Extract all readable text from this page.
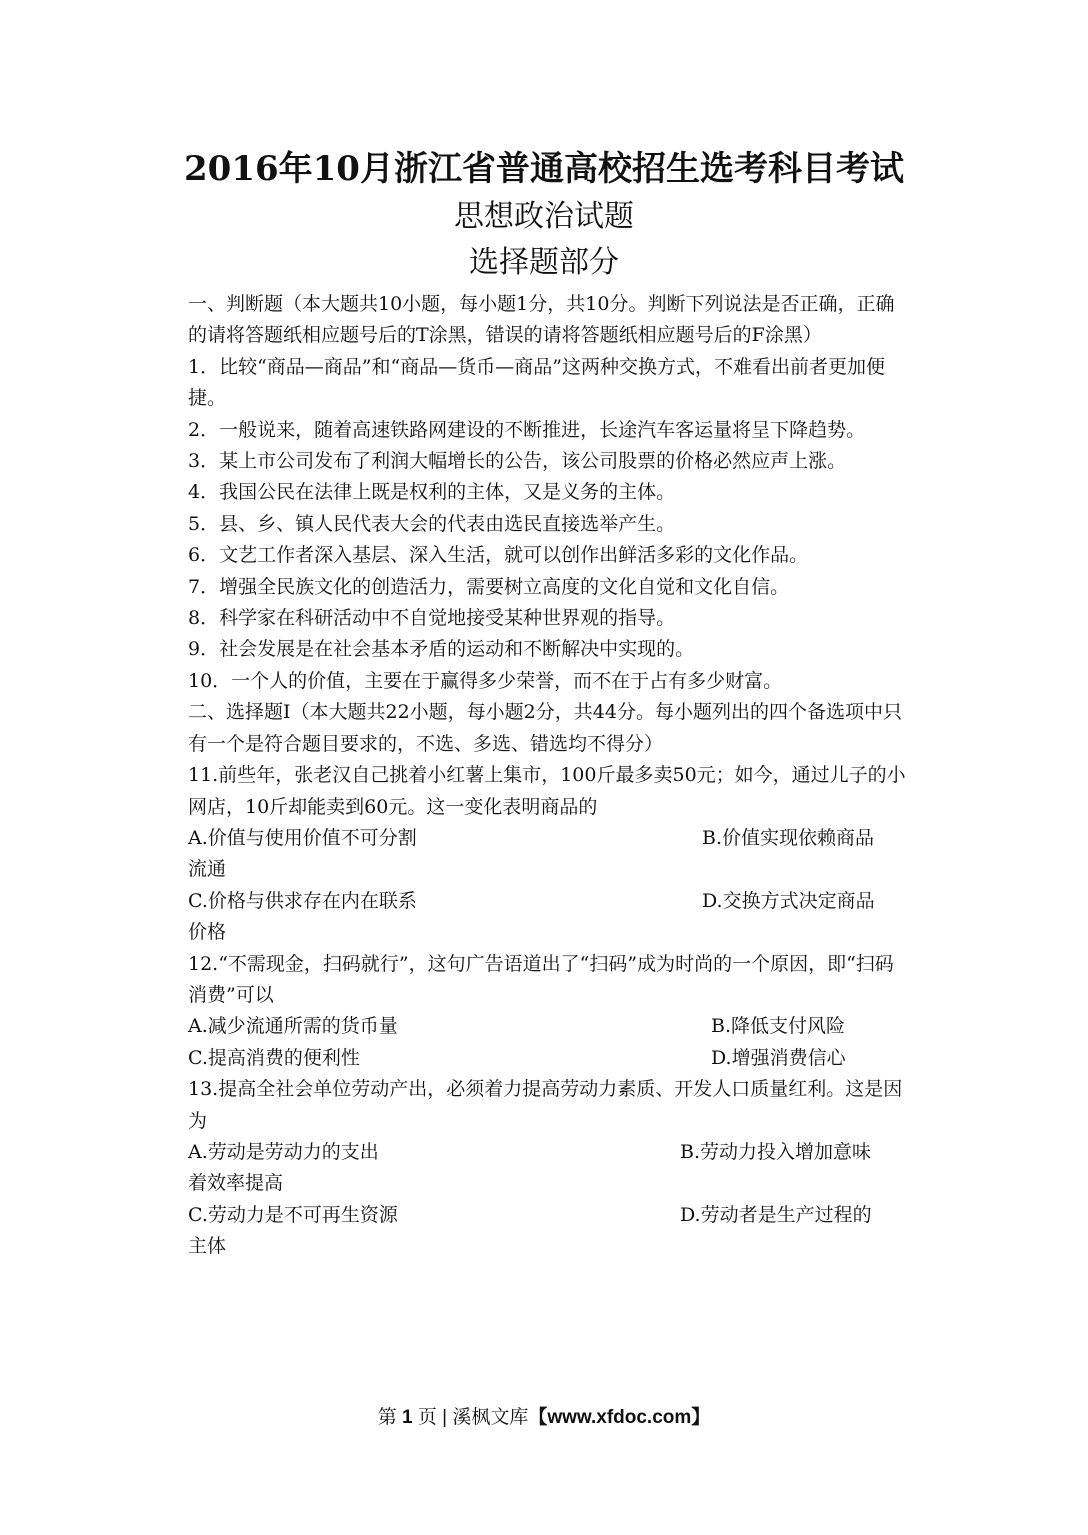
2016年10月浙江省普通高校招生选考科目考试
思想政治试题
选择题部分

一、判断题（本大题共10小题，每小题1分，共10分。判断下列说法是否正确，正确的请将答题纸相应题号后的T涂黑，错误的请将答题纸相应题号后的F涂黑）

1．比较“商品—商品”和“商品—货币—商品”这两种交换方式，不难看出前者更加便捷。

2．一般说来，随着高速铁路网建设的不断推进，长途汽车客运量将呈下降趋势。

3．某上市公司发布了利润大幅增长的公告，该公司股票的价格必然应声上涨。

4．我国公民在法律上既是权利的主体，又是义务的主体。

5．县、乡、镇人民代表大会的代表由选民直接选举产生。

6．文艺工作者深入基层、深入生活，就可以创作出鲜活多彩的文化作品。

7．增强全民族文化的创造活力，需要树立高度的文化自觉和文化自信。

8．科学家在科研活动中不自觉地接受某种世界观的指导。

9．社会发展是在社会基本矛盾的运动和不断解决中实现的。

10．一个人的价值，主要在于赢得多少荣誉，而不在于占有多少财富。

二、选择题Ⅰ（本大题共22小题，每小题2分，共44分。每小题列出的四个备选项中只有一个是符合题目要求的，不选、多选、错选均不得分）

11.前些年，张老汉自己挑着小红薯上集市，100斤最多卖50元；如今，通过儿子的小网店，10斤却能卖到60元。这一变化表明商品的

A.价值与使用价值不可分割	B.价值实现依赖商品

流通

C.价格与供求存在内在联系	D.交换方式决定商品

价格

12.“不需现金，扫码就行”，这句广告语道出了“扫码”成为时尚的一个原因，即“扫码消费”可以

A.减少流通所需的货币量	B.降低支付风险
C.提高消费的便利性	D.增强消费信心

13.提高全社会单位劳动产出，必须着力提高劳动力素质、开发人口质量红利。这是因为

A.劳动是劳动力的支出	B.劳动力投入增加意味

着效率提高

C.劳动力是不可再生资源	D.劳动者是生产过程的

主体

第 1 页 | 溪枫文库【www.xfdoc.com】
